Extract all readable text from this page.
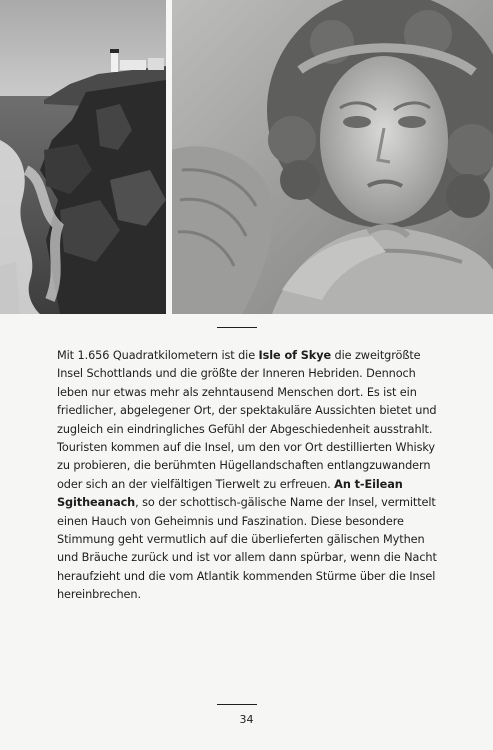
Mit 1.656 Quadratkilometern ist die Isle of Skye die zweitgrößte Insel Schottlands und die größte der Inneren Hebriden. Dennoch leben nur etwas mehr als zehntausend Menschen dort. Es ist ein friedlicher, abgelegener Ort, der spektakuläre Aussichten bietet und zugleich ein eindringliches Gefühl der Abgeschiedenheit ausstrahlt. Touristen kommen auf die Insel, um den vor Ort destillierten Whisky zu probieren, die berühmten Hügellandschaften entlangzuwandern oder sich an der vielfältigen Tierwelt zu erfreuen. An t-Eilean Sgitheanach, so der schottisch-gälische Name der Insel, vermittelt einen Hauch von Geheimnis und Faszination. Diese besondere Stimmung geht vermutlich auf die überlieferten gälischen Mythen und Bräuche zurück und ist vor allem dann spürbar, wenn die Nacht heraufzieht und die vom Atlantik kommenden Stürme über die Insel hereinbrechen.

34
